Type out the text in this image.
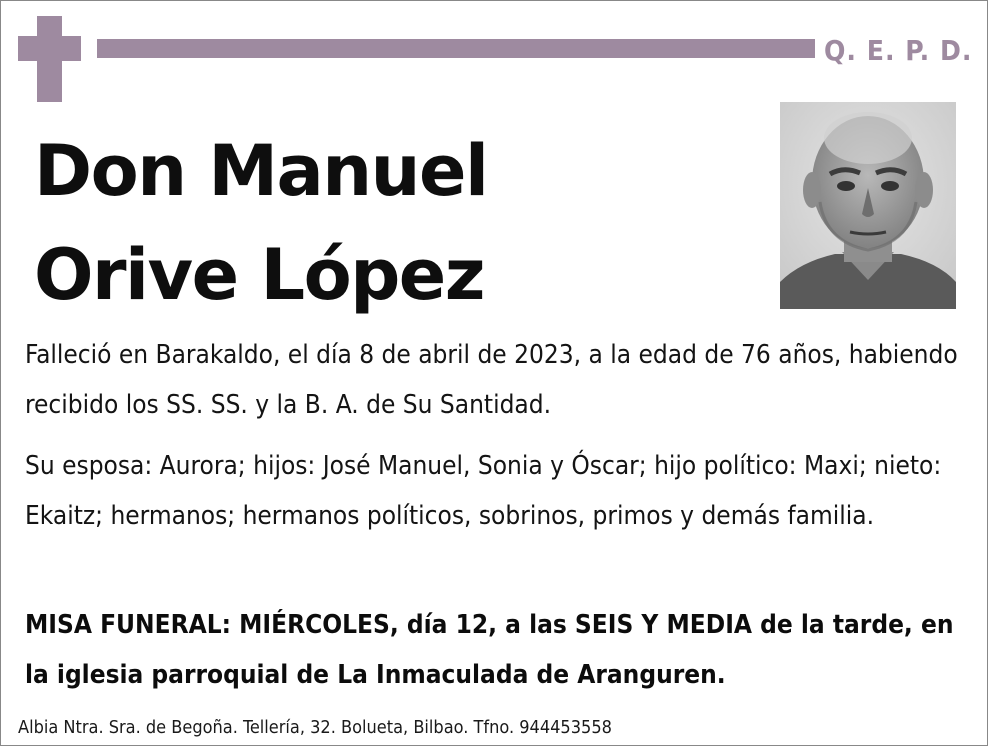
Q. E. P. D.
Don Manuel
Orive López

Falleció en Barakaldo, el día 8 de abril de 2023, a la edad de 76 años, habiendo recibido los SS. SS. y la B. A. de Su Santidad.

Su esposa: Aurora; hijos: José Manuel, Sonia y Óscar; hijo político: Maxi; nieto: Ekaitz; hermanos; hermanos políticos, sobrinos, primos y demás familia.

MISA FUNERAL: MIÉRCOLES, día 12, a las SEIS Y MEDIA de la tarde, en la iglesia parroquial de La Inmaculada de Aranguren.

Albia Ntra. Sra. de Begoña. Tellería, 32. Bolueta, Bilbao. Tfno. 944453558
